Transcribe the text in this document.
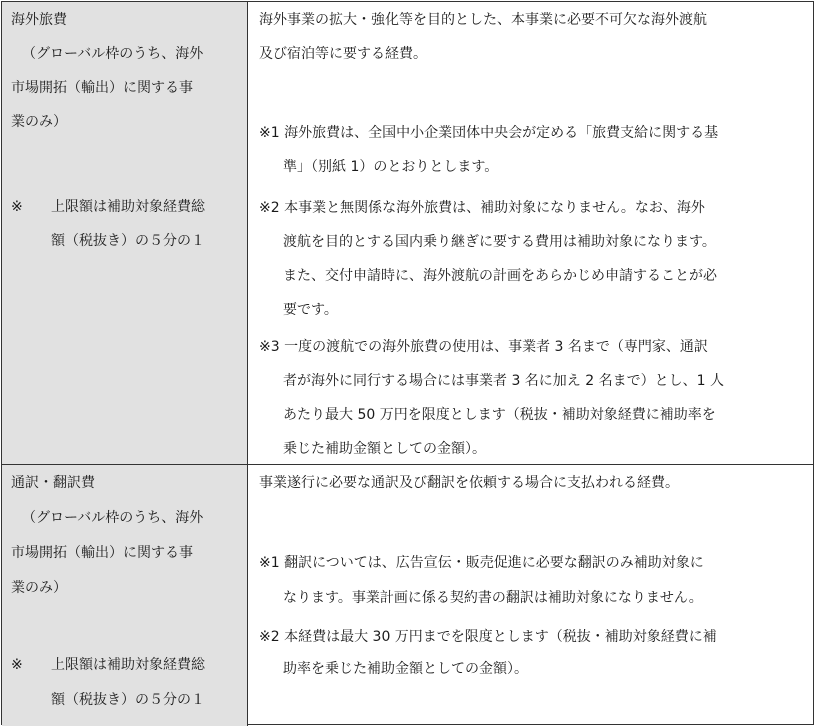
海外旅費
（グローバル枠のうち、海外
市場開拓（輸出）に関する事
業のみ）
※ 上限額は補助対象経費総
額（税抜き）の５分の１
海外事業の拡大・強化等を目的とした、本事業に必要不可欠な海外渡航
及び宿泊等に要する経費。
※1 海外旅費は、全国中小企業団体中央会が定める「旅費支給に関する基
準」（別紙 1）のとおりとします。
※2 本事業と無関係な海外旅費は、補助対象になりません。なお、海外
渡航を目的とする国内乗り継ぎに要する費用は補助対象になります。
また、交付申請時に、海外渡航の計画をあらかじめ申請することが必
要です。
※3 一度の渡航での海外旅費の使用は、事業者 3 名まで（専門家、通訳
者が海外に同行する場合には事業者 3 名に加え 2 名まで）とし、1 人
あたり最大 50 万円を限度とします（税抜・補助対象経費に補助率を
乗じた補助金額としての金額）。
通訳・翻訳費
（グローバル枠のうち、海外
市場開拓（輸出）に関する事
業のみ）
※ 上限額は補助対象経費総
額（税抜き）の５分の１
事業遂行に必要な通訳及び翻訳を依頼する場合に支払われる経費。
※1 翻訳については、広告宣伝・販売促進に必要な翻訳のみ補助対象に
なります。事業計画に係る契約書の翻訳は補助対象になりません。
※2 本経費は最大 30 万円までを限度とします（税抜・補助対象経費に補
助率を乗じた補助金額としての金額）。
